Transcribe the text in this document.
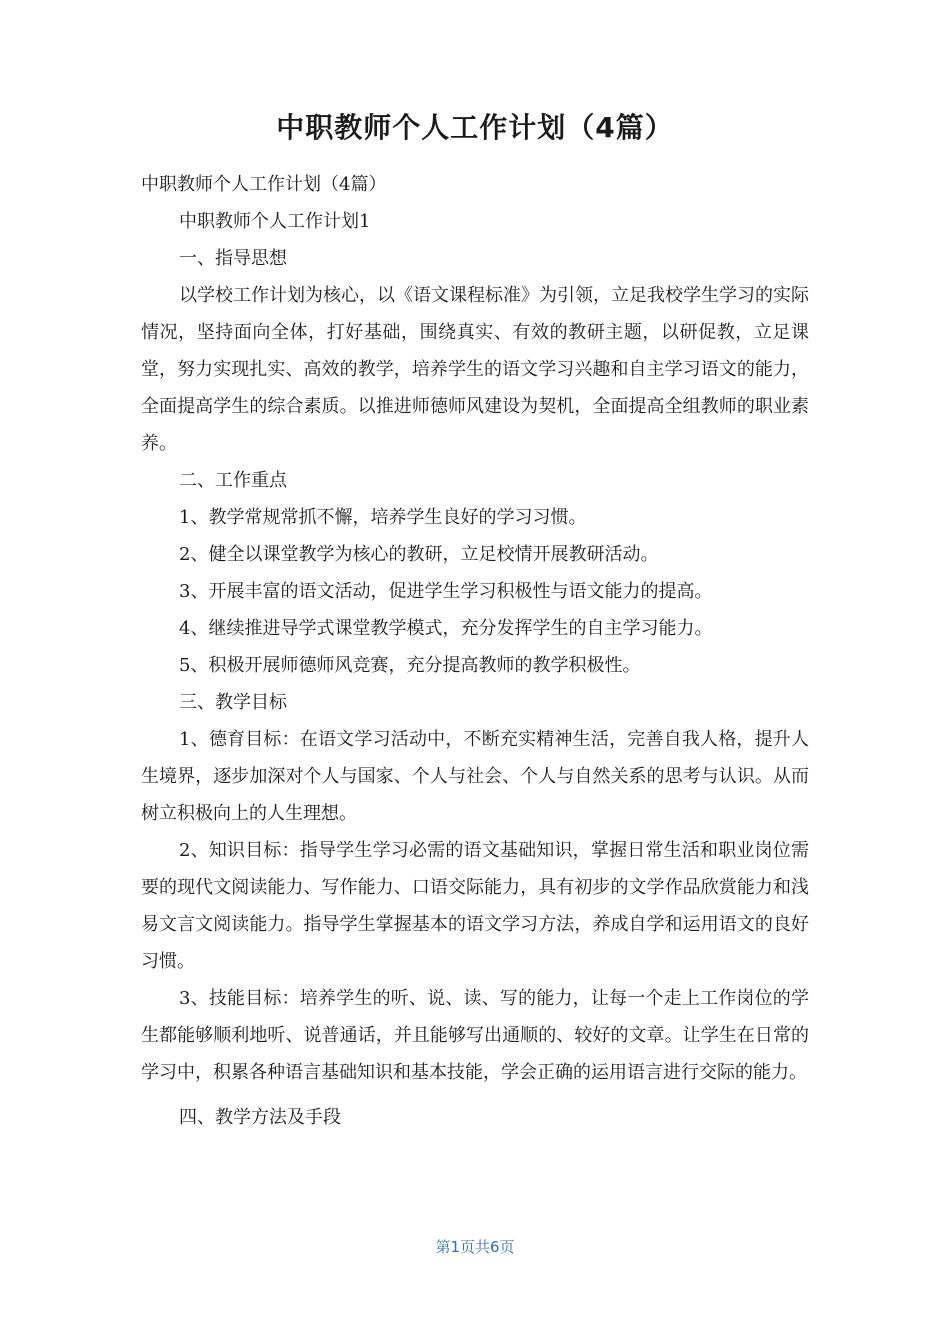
中职教师个人工作计划（4篇）
中职教师个人工作计划（4篇）
中职教师个人工作计划1
一、指导思想

以学校工作计划为核心，以《语文课程标准》为引领，立足我校学生学习的实际情况，坚持面向全体，打好基础，围绕真实、有效的教研主题，以研促教，立足课堂，努力实现扎实、高效的教学，培养学生的语文学习兴趣和自主学习语文的能力，全面提高学生的综合素质。以推进师德师风建设为契机，全面提高全组教师的职业素养。

二、工作重点
1、教学常规常抓不懈，培养学生良好的学习习惯。
2、健全以课堂教学为核心的教研，立足校情开展教研活动。
3、开展丰富的语文活动，促进学生学习积极性与语文能力的提高。
4、继续推进导学式课堂教学模式，充分发挥学生的自主学习能力。
5、积极开展师德师风竞赛，充分提高教师的教学积极性。
三、教学目标

1、德育目标：在语文学习活动中，不断充实精神生活，完善自我人格，提升人生境界，逐步加深对个人与国家、个人与社会、个人与自然关系的思考与认识。从而树立积极向上的人生理想。

2、知识目标：指导学生学习必需的语文基础知识，掌握日常生活和职业岗位需要的现代文阅读能力、写作能力、口语交际能力，具有初步的文学作品欣赏能力和浅易文言文阅读能力。指导学生掌握基本的语文学习方法，养成自学和运用语文的良好习惯。

3、技能目标：培养学生的听、说、读、写的能力，让每一个走上工作岗位的学生都能够顺利地听、说普通话，并且能够写出通顺的、较好的文章。让学生在日常的学习中，积累各种语言基础知识和基本技能，学会正确的运用语言进行交际的能力。

四、教学方法及手段
第1页共6页
